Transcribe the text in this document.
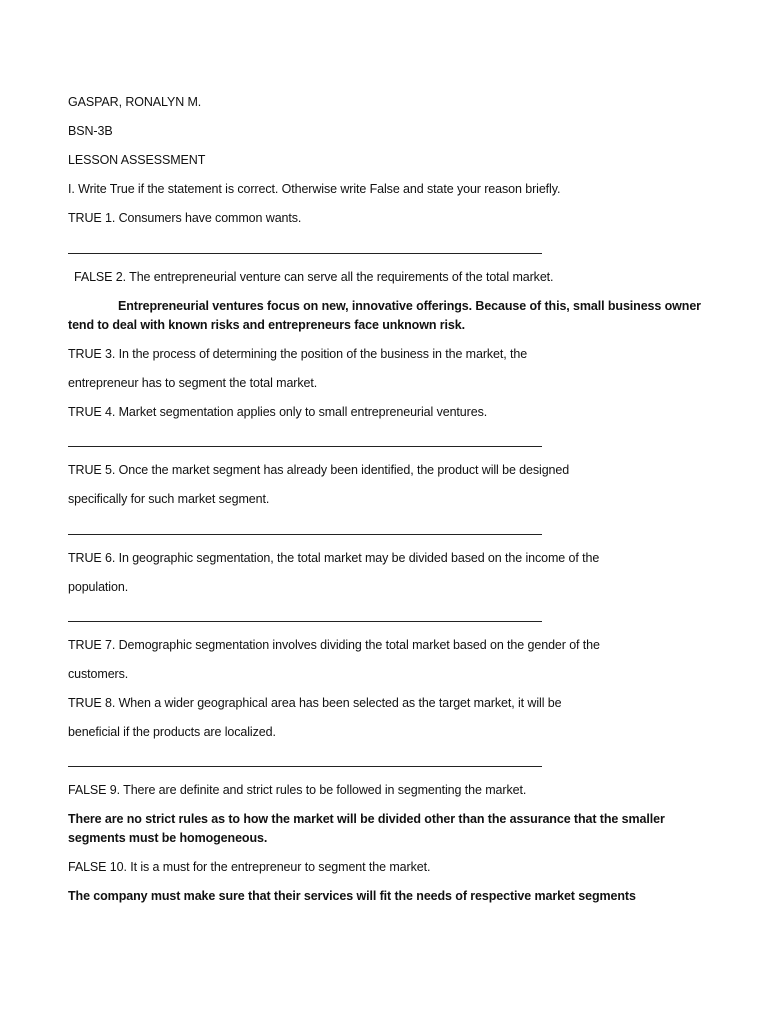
GASPAR, RONALYN M.
BSN-3B
LESSON ASSESSMENT
I. Write True if the statement is correct. Otherwise write False and state your reason briefly.
TRUE 1. Consumers have common wants.
FALSE 2. The entrepreneurial venture can serve all the requirements of the total market.
Entrepreneurial ventures focus on new, innovative offerings. Because of this, small business owner
tend to deal with known risks and entrepreneurs face unknown risk.
TRUE 3. In the process of determining the position of the business in the market, the
entrepreneur has to segment the total market.
TRUE 4. Market segmentation applies only to small entrepreneurial ventures.
TRUE 5. Once the market segment has already been identified, the product will be designed
specifically for such market segment.
TRUE 6. In geographic segmentation, the total market may be divided based on the income of the
population.
TRUE 7. Demographic segmentation involves dividing the total market based on the gender of the
customers.
TRUE 8. When a wider geographical area has been selected as the target market, it will be
beneficial if the products are localized.
FALSE 9. There are definite and strict rules to be followed in segmenting the market.
There are no strict rules as to how the market will be divided other than the assurance that the smaller
segments must be homogeneous.
FALSE 10. It is a must for the entrepreneur to segment the market.
The company must make sure that their services will fit the needs of respective market segments
